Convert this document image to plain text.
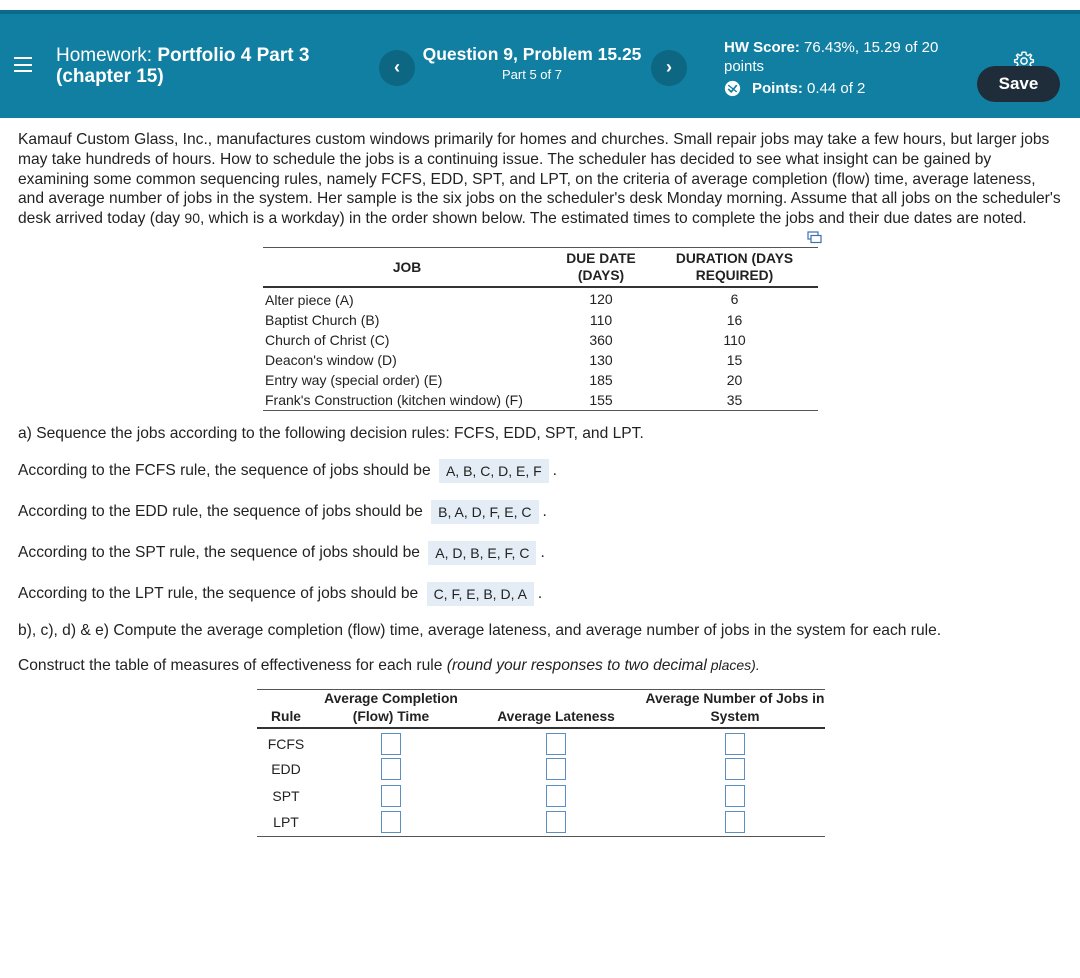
Homework: Portfolio 4 Part 3
(chapter 15)	‹
Question 9, Problem 15.25
Part 5 of 7	›
HW Score: 76.43%, 15.29 of 20
points
Points:
0.44 of 2	Save

Kamauf Custom Glass, Inc., manufactures custom windows primarily for homes and churches. Small repair jobs may take a few hours, but larger jobs may take hundreds of hours. How to schedule the jobs is a continuing issue. The scheduler has decided to see what insight can be gained by examining some common sequencing rules, namely FCFS, EDD, SPT, and LPT, on the criteria of average completion (flow) time, average lateness, and average number of jobs in the system. Her sample is the six jobs on the scheduler's desk Monday morning. Assume that all jobs on the scheduler's desk arrived today (day 90, which is a workday) in the order shown below. The estimated times to complete the jobs and their due dates are noted.

JOB	DUE DATE (DAYS)	DURATION (DAYS REQUIRED)
Alter piece (A)	120	6
Baptist Church (B)	110	16
Church of Christ (C)	360	110
Deacon's window (D)	130	15
Entry way (special order) (E)	185	20
Frank's Construction (kitchen window) (F)	155	35
a) Sequence the jobs according to the following decision rules: FCFS, EDD, SPT, and LPT.
According to the FCFS rule, the sequence of jobs should be A, B, C, D, E, F .
According to the EDD rule, the sequence of jobs should be B, A, D, F, E, C .
According to the SPT rule, the sequence of jobs should be A, D, B, E, F, C .
According to the LPT rule, the sequence of jobs should be C, F, E, B, D, A .
b), c), d) & e) Compute the average completion (flow) time, average lateness, and average number of jobs in the system for each rule.
Construct the table of measures of effectiveness for each rule (round your responses to two decimal places).
Rule	Average Completion (Flow) Time	Average Lateness	Average Number of Jobs in System
FCFS			
EDD			
SPT			
LPT			
